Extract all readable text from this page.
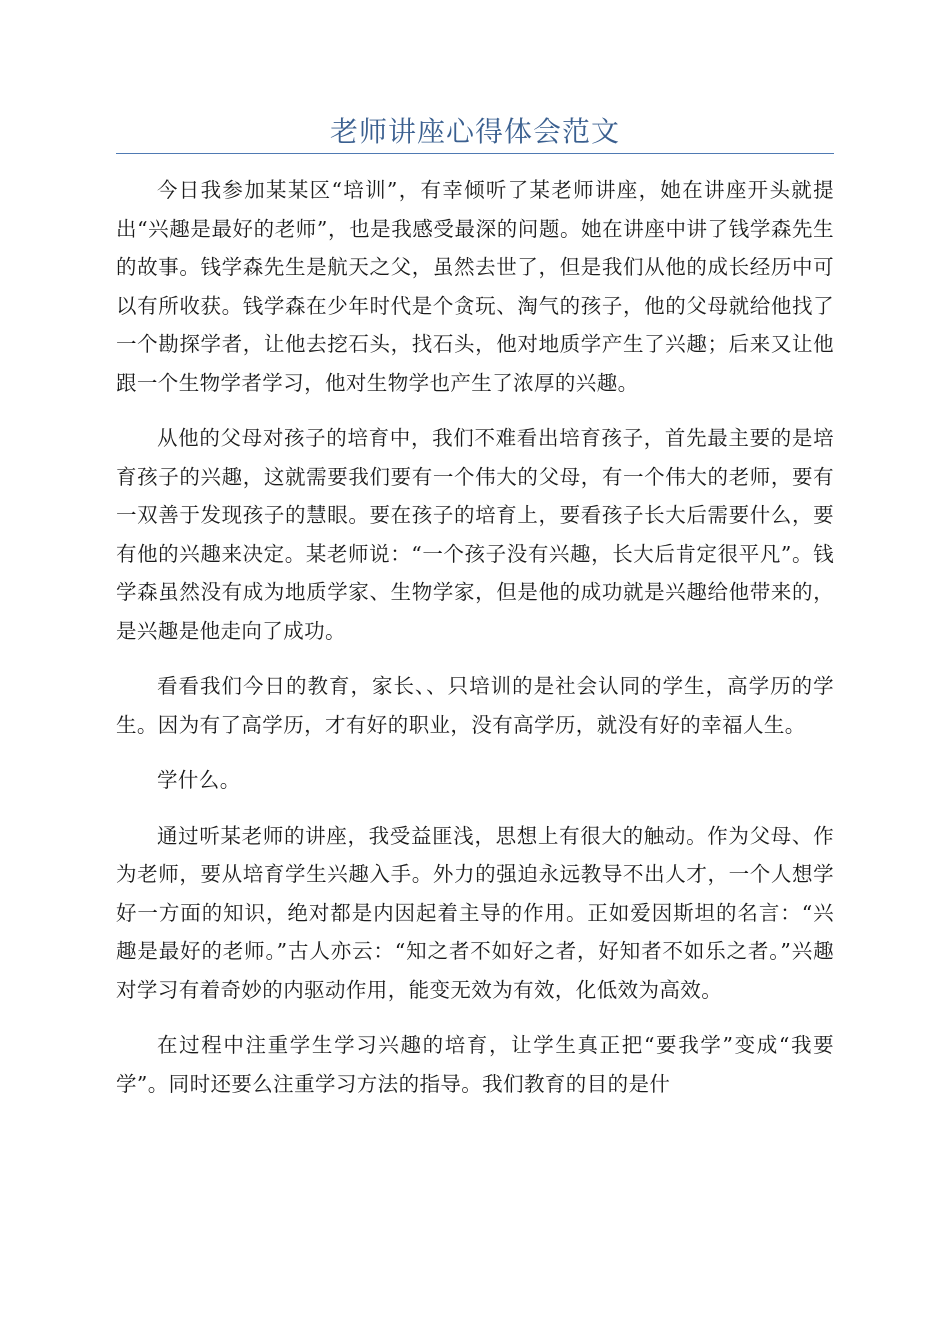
老师讲座心得体会范文

今日我参加某某区“培训”，有幸倾听了某老师讲座，她在讲座开头就提出“兴趣是最好的老师”，也是我感受最深的问题。她在讲座中讲了钱学森先生的故事。钱学森先生是航天之父，虽然去世了，但是我们从他的成长经历中可以有所收获。钱学森在少年时代是个贪玩、淘气的孩子，他的父母就给他找了一个勘探学者，让他去挖石头，找石头，他对地质学产生了兴趣；后来又让他跟一个生物学者学习，他对生物学也产生了浓厚的兴趣。

从他的父母对孩子的培育中，我们不难看出培育孩子，首先最主要的是培育孩子的兴趣，这就需要我们要有一个伟大的父母，有一个伟大的老师，要有一双善于发现孩子的慧眼。要在孩子的培育上，要看孩子长大后需要什么，要有他的兴趣来决定。某老师说：“一个孩子没有兴趣，长大后肯定很平凡”。钱学森虽然没有成为地质学家、生物学家，但是他的成功就是兴趣给他带来的，是兴趣是他走向了成功。

看看我们今日的教育，家长、、只培训的是社会认同的学生，高学历的学生。因为有了高学历，才有好的职业，没有高学历，就没有好的幸福人生。

学什么。

通过听某老师的讲座，我受益匪浅，思想上有很大的触动。作为父母、作为老师，要从培育学生兴趣入手。外力的强迫永远教导不出人才，一个人想学好一方面的知识，绝对都是内因起着主导的作用。正如爱因斯坦的名言：“兴趣是最好的老师。”古人亦云：“知之者不如好之者，好知者不如乐之者。”兴趣对学习有着奇妙的内驱动作用，能变无效为有效，化低效为高效。

在过程中注重学生学习兴趣的培育，让学生真正把“要我学”变成“我要学”。同时还要么注重学习方法的指导。我们教育的目的是什
